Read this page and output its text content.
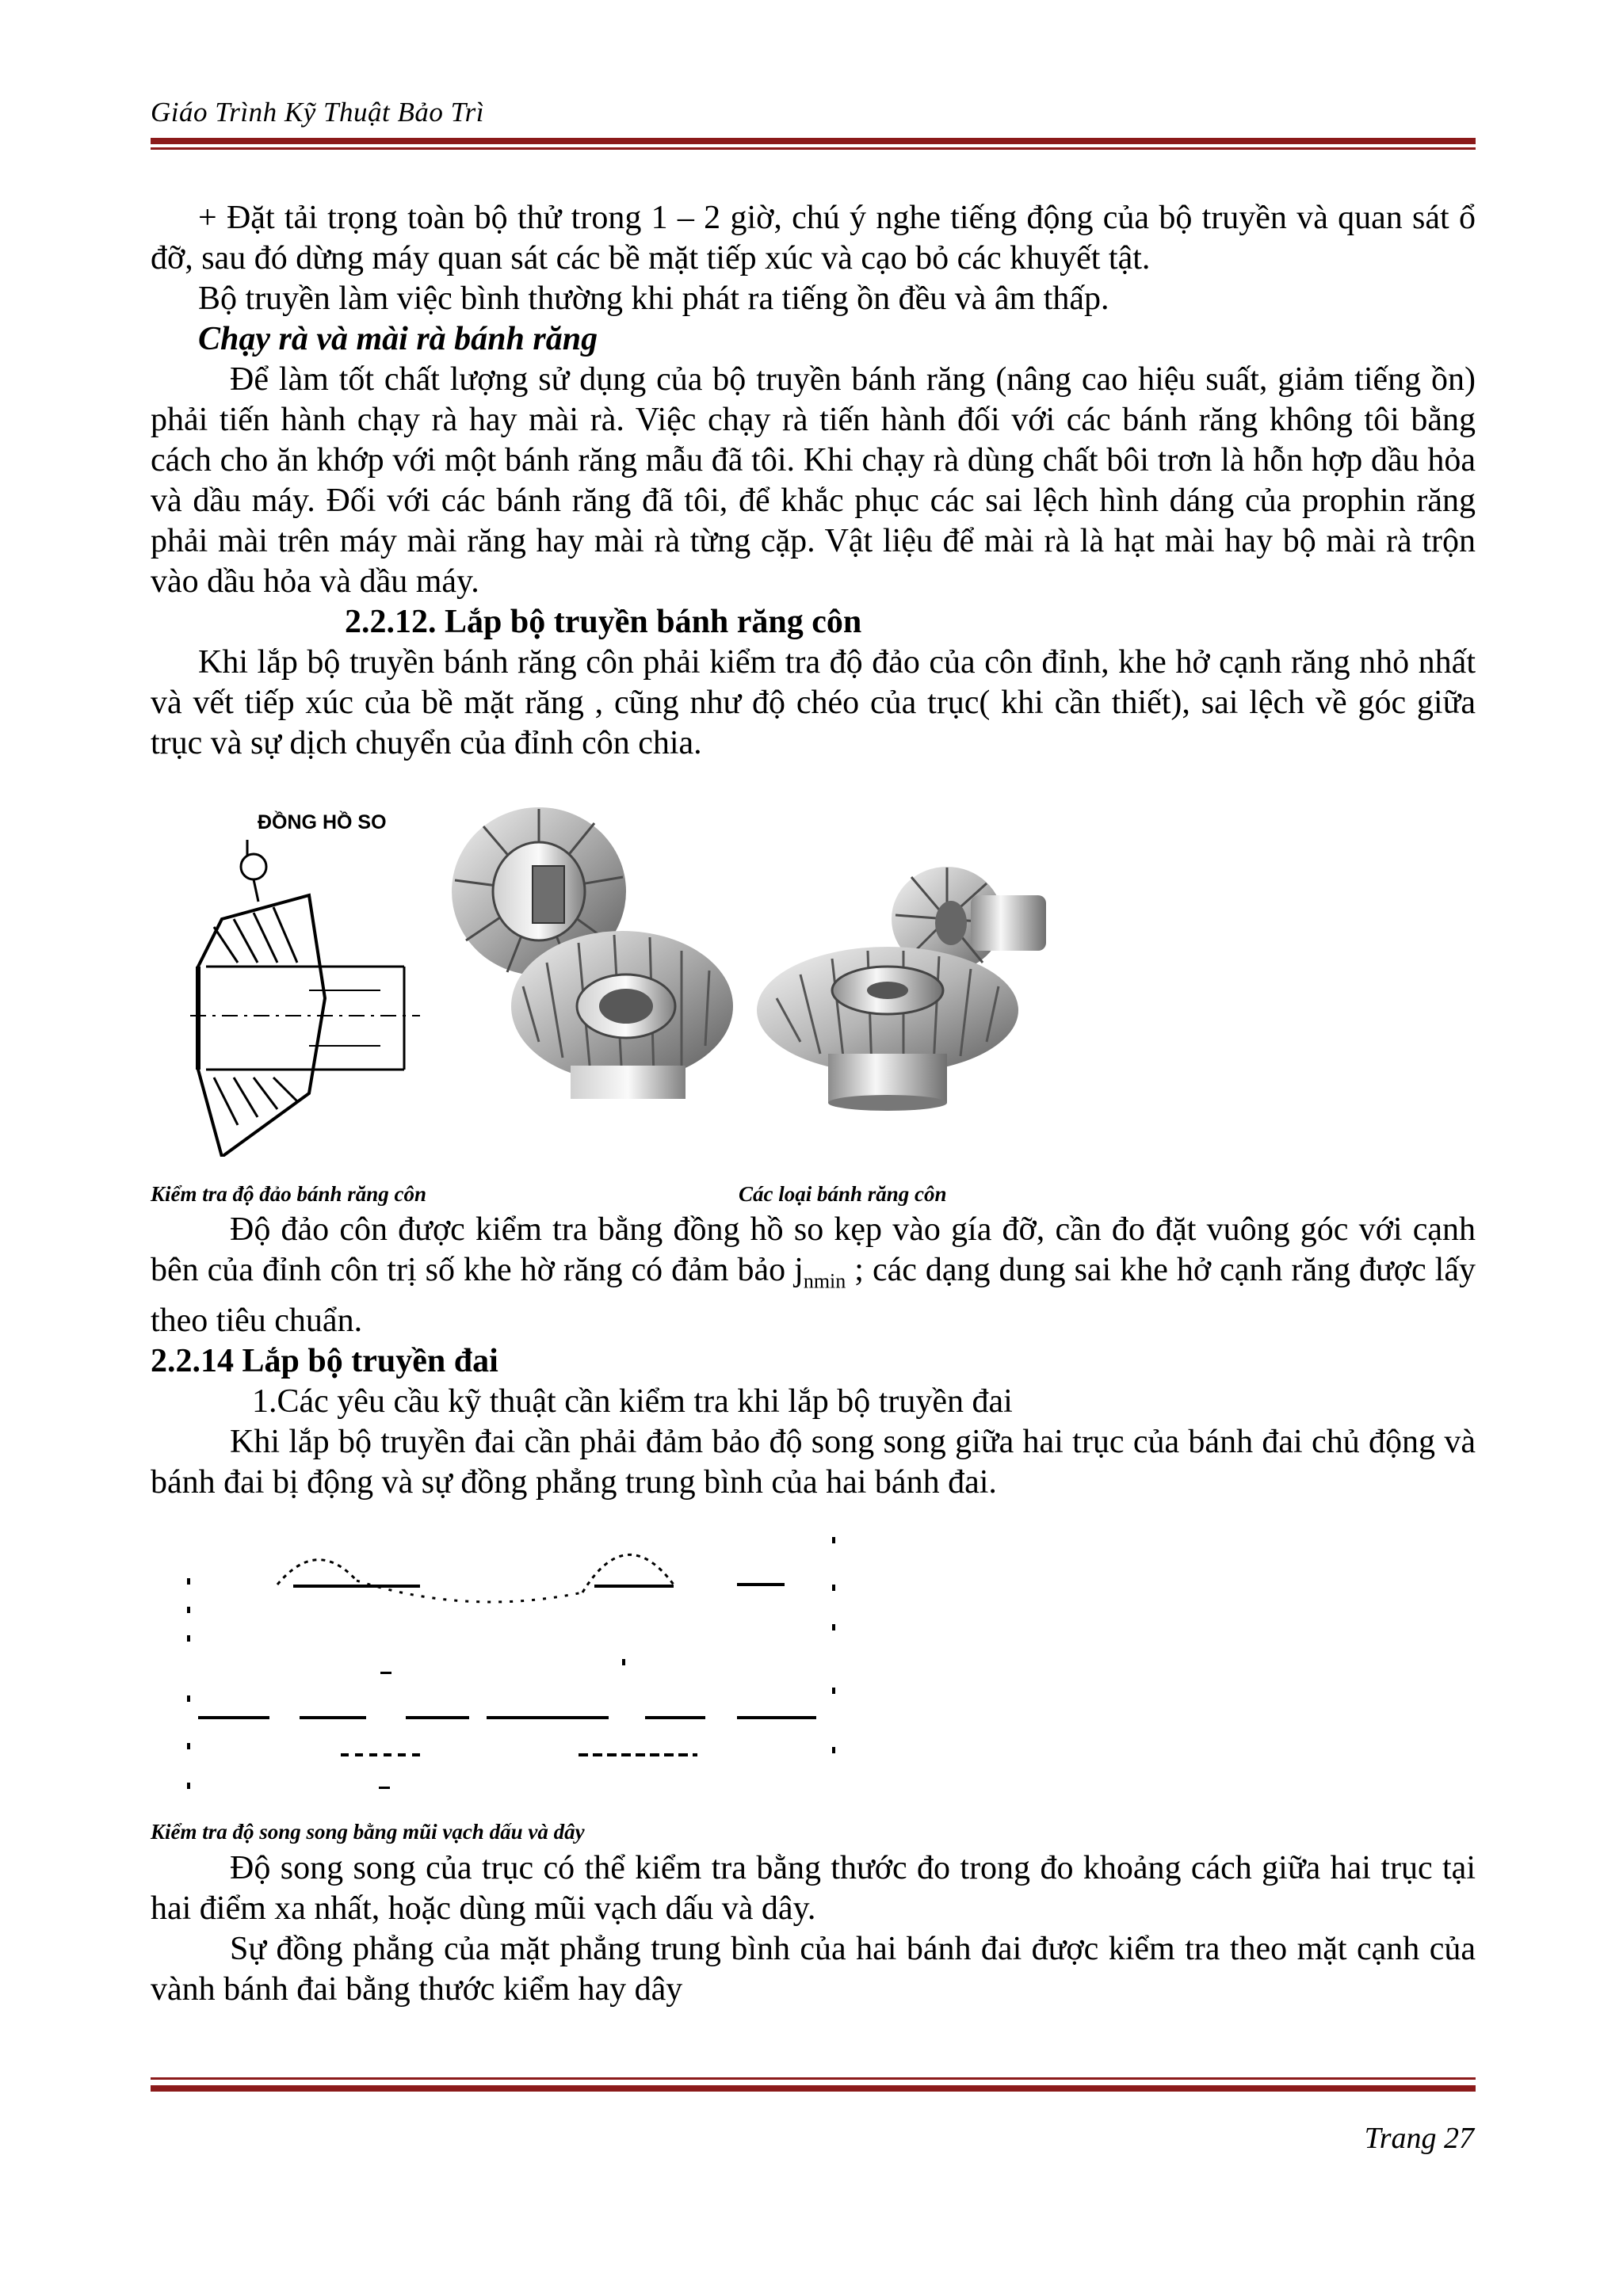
Giáo Trình Kỹ Thuật Bảo Trì

+ Đặt tải trọng toàn bộ thử trong 1 – 2 giờ, chú ý nghe tiếng động của bộ truyền và quan sát ổ đỡ, sau đó dừng máy quan sát các bề mặt tiếp xúc và cạo bỏ các khuyết tật.

Bộ truyền làm việc bình thường khi phát ra tiếng ồn đều và âm thấp.

Chạy rà và mài rà bánh răng

Để làm tốt chất lượng sử dụng của bộ truyền bánh răng (nâng cao hiệu suất, giảm tiếng ồn) phải tiến hành chạy rà hay mài rà. Việc chạy rà tiến hành đối với các bánh răng không tôi bằng cách cho ăn khớp với một bánh răng mẫu đã tôi. Khi chạy rà dùng chất bôi trơn là hỗn hợp dầu hỏa và dầu máy. Đối với các bánh răng đã tôi, để khắc phục các sai lệch hình dáng của prophin răng phải mài trên máy mài răng hay mài rà từng cặp. Vật liệu để mài rà là hạt mài hay bộ mài rà trộn vào dầu hỏa và dầu máy.

2.2.12. Lắp bộ truyền bánh răng côn

Khi lắp bộ truyền bánh răng côn phải kiểm tra độ đảo của côn đỉnh, khe hở cạnh răng nhỏ nhất và vết tiếp xúc của bề mặt răng , cũng như độ chéo của trục( khi cần thiết), sai lệch về góc giữa trục và sự dịch chuyển của đỉnh côn chia.

ĐỒNG HỒ SO
Kiểm tra độ đảo bánh răng côn	Các loại bánh răng côn

Độ đảo côn được kiểm tra bằng đồng hồ so kẹp vào gía đỡ, cần đo đặt vuông góc với cạnh bên của đỉnh côn trị số khe hờ răng có đảm bảo $j_{nmin}$ ; các dạng dung sai khe hở cạnh răng được lấy theo tiêu chuẩn.

2.2.14 Lắp bộ truyền đai

1.Các yêu cầu kỹ thuật cần kiểm tra khi lắp bộ truyền đai

Khi lắp bộ truyền đai cần phải đảm bảo độ song song giữa hai trục của bánh đai chủ động và bánh đai bị động và sự đồng phẳng trung bình của hai bánh đai.

Kiểm tra độ song song bằng mũi vạch dấu và dây

Độ song song của trục có thể kiểm tra bằng thước đo trong đo khoảng cách giữa hai trục tại hai điểm xa nhất, hoặc dùng mũi vạch dấu và dây.

Sự đồng phẳng của mặt phẳng trung bình của hai bánh đai được kiểm tra theo mặt cạnh của vành bánh đai bằng thước kiểm hay dây

Trang 27
